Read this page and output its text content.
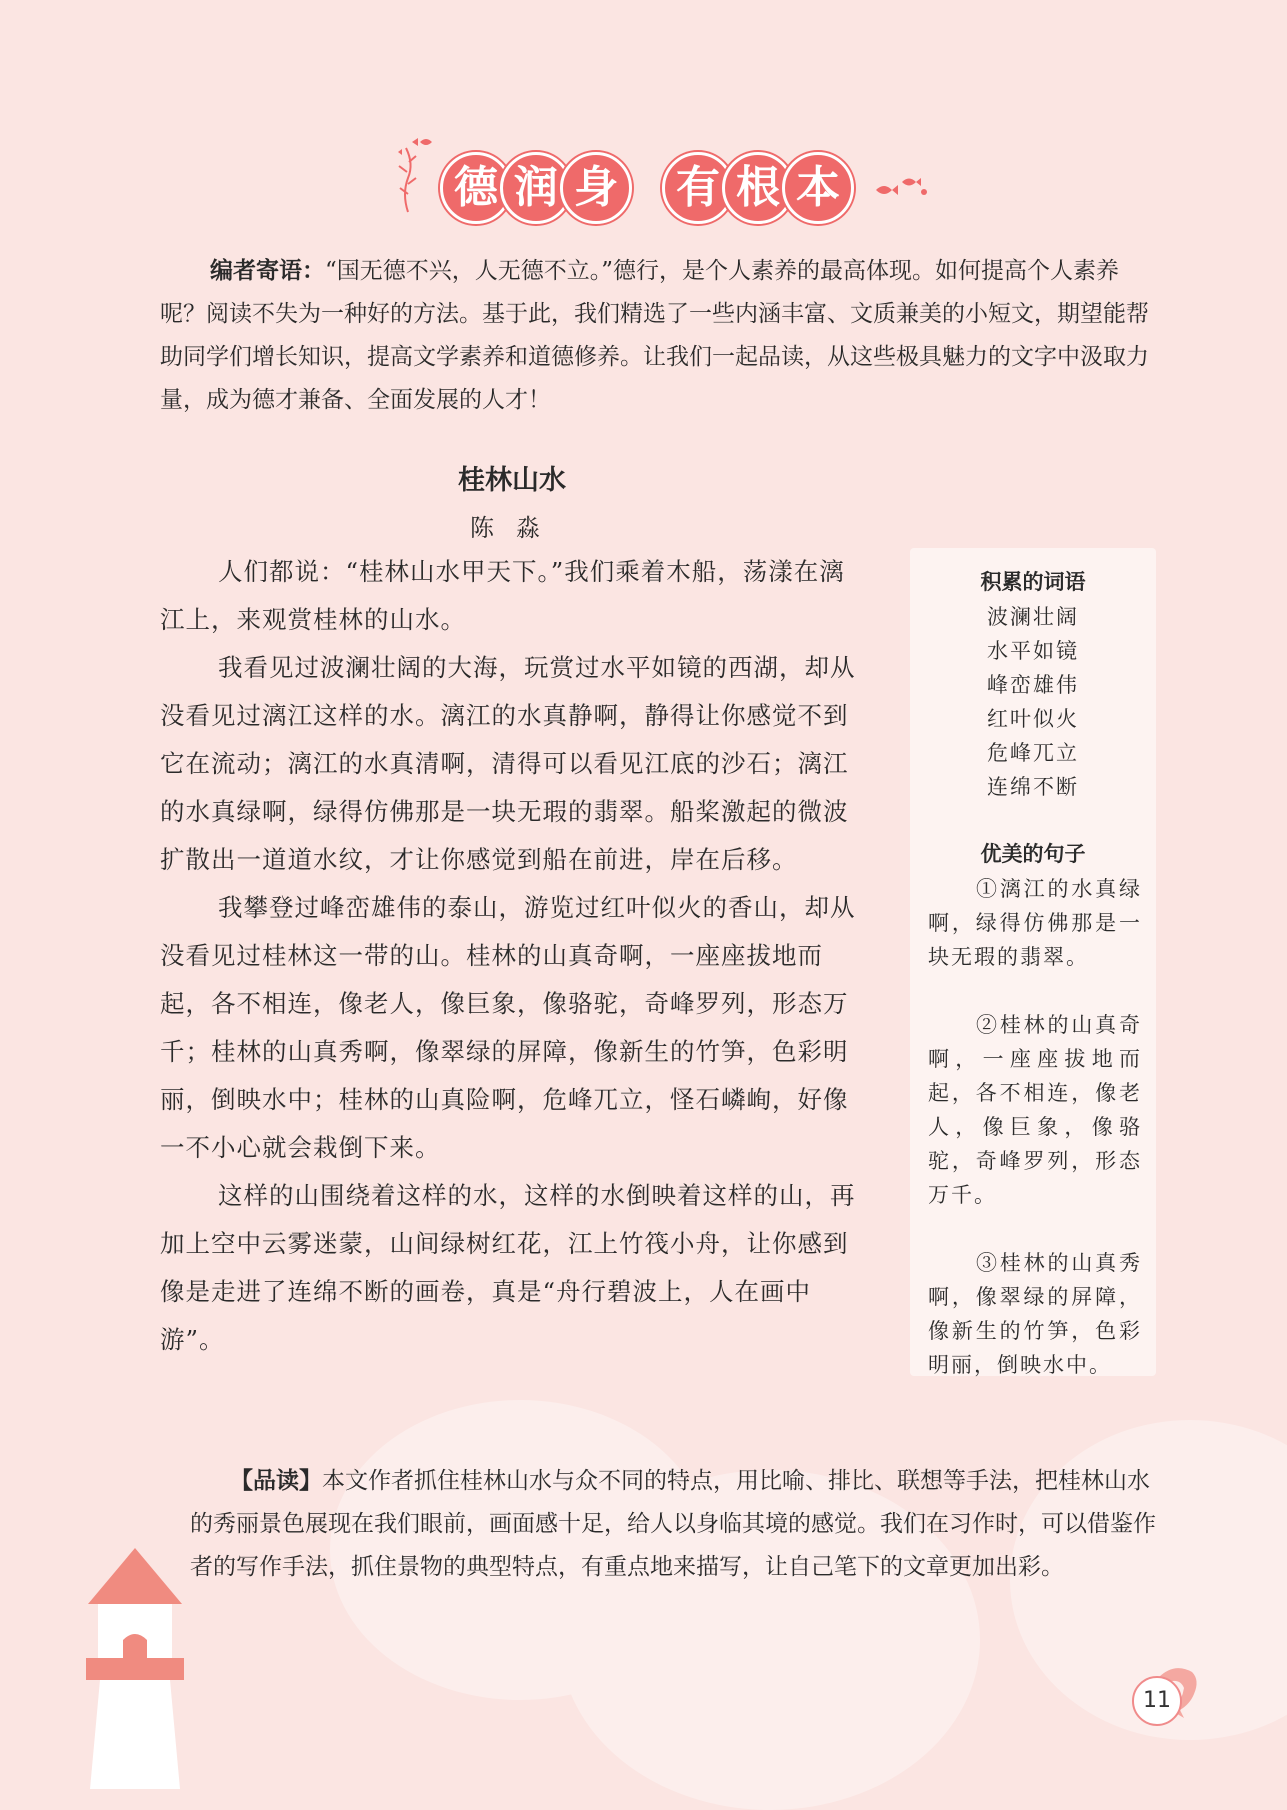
德 润 身	有 根 本

编者寄语：“国无德不兴，人无德不立。”德行，是个人素养的最高体现。如何提高个人素养呢？阅读不失为一种好的方法。基于此，我们精选了一些内涵丰富、文质兼美的小短文，期望能帮助同学们增长知识，提高文学素养和道德修养。让我们一起品读，从这些极具魅力的文字中汲取力量，成为德才兼备、全面发展的人才！

桂林山水
陈淼

人们都说：“桂林山水甲天下。”我们乘着木船，荡漾在漓江上，来观赏桂林的山水。

我看见过波澜壮阔的大海，玩赏过水平如镜的西湖，却从没看见过漓江这样的水。漓江的水真静啊，静得让你感觉不到它在流动；漓江的水真清啊，清得可以看见江底的沙石；漓江的水真绿啊，绿得仿佛那是一块无瑕的翡翠。船桨激起的微波扩散出一道道水纹，才让你感觉到船在前进，岸在后移。

我攀登过峰峦雄伟的泰山，游览过红叶似火的香山，却从没看见过桂林这一带的山。桂林的山真奇啊，一座座拔地而起，各不相连，像老人，像巨象，像骆驼，奇峰罗列，形态万千；桂林的山真秀啊，像翠绿的屏障，像新生的竹笋，色彩明丽，倒映水中；桂林的山真险啊，危峰兀立，怪石嶙峋，好像一不小心就会栽倒下来。

这样的山围绕着这样的水，这样的水倒映着这样的山，再加上空中云雾迷蒙，山间绿树红花，江上竹筏小舟，让你感到像是走进了连绵不断的画卷，真是“舟行碧波上，人在画中游”。

积累的词语
波澜壮阔
水平如镜
峰峦雄伟
红叶似火
危峰兀立
连绵不断
优美的句子

①漓江的水真绿啊，绿得仿佛那是一块无瑕的翡翠。

②桂林的山真奇啊，一座座拔地而起，各不相连，像老人，像巨象，像骆驼，奇峰罗列，形态万千。

③桂林的山真秀啊，像翠绿的屏障，像新生的竹笋，色彩明丽，倒映水中。

【品读】本文作者抓住桂林山水与众不同的特点，用比喻、排比、联想等手法，把桂林山水的秀丽景色展现在我们眼前，画面感十足，给人以身临其境的感觉。我们在习作时，可以借鉴作者的写作手法，抓住景物的典型特点，有重点地来描写，让自己笔下的文章更加出彩。

11
